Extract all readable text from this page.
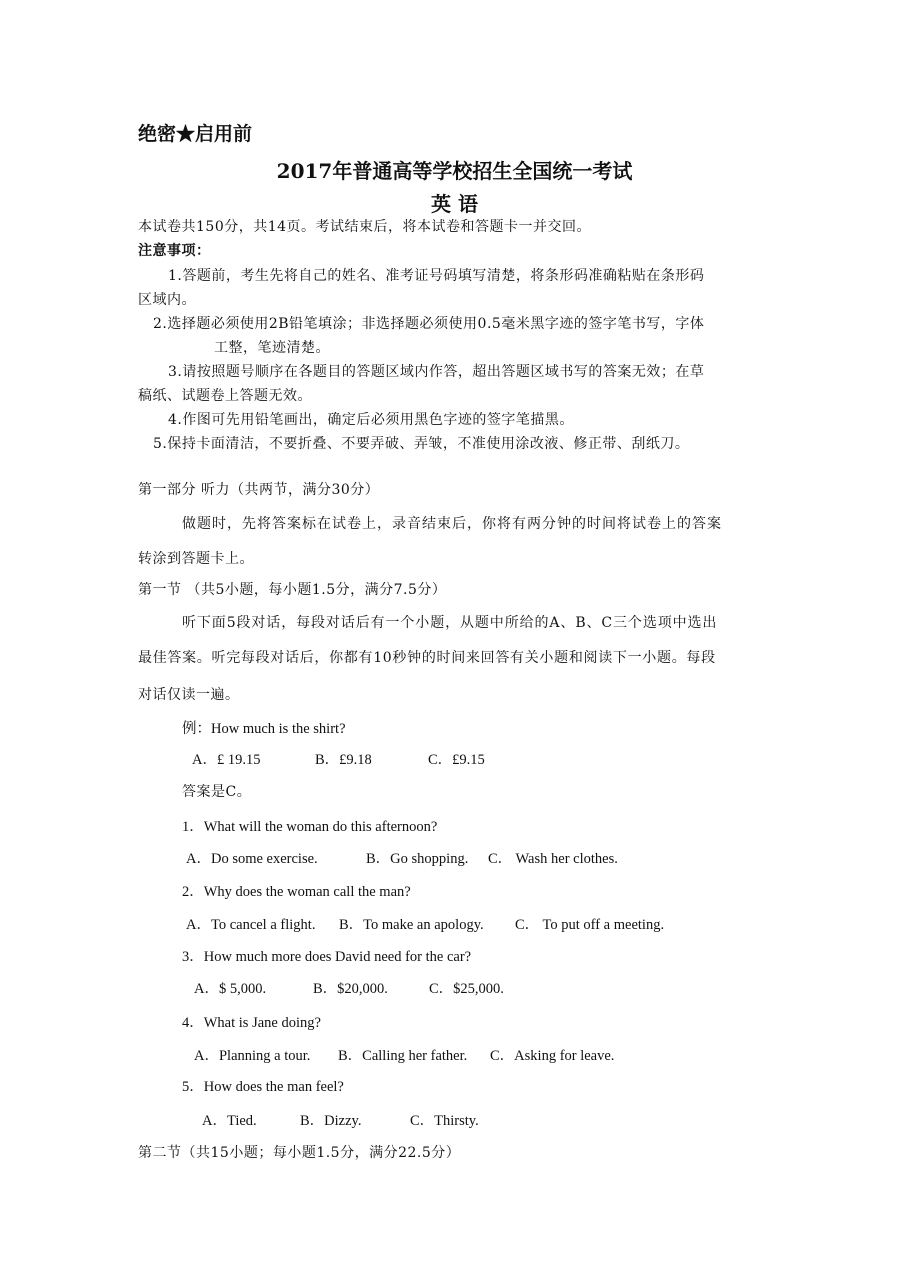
绝密★启用前
2017年普通高等学校招生全国统一考试
英 语
本试卷共150分，共14页。考试结束后，将本试卷和答题卡一并交回。
注意事项：
1.答题前，考生先将自己的姓名、准考证号码填写清楚，将条形码准确粘贴在条形码
区域内。
2.选择题必须使用2B铅笔填涂；非选择题必须使用0.5毫米黑字迹的签字笔书写，字体
工整，笔迹清楚。
3.请按照题号顺序在各题目的答题区域内作答，超出答题区域书写的答案无效；在草
稿纸、试题卷上答题无效。
4.作图可先用铅笔画出，确定后必须用黑色字迹的签字笔描黑。
5.保持卡面清洁，不要折叠、不要弄破、弄皱，不准使用涂改液、修正带、刮纸刀。
第一部分 听力（共两节，满分30分）
做题时，先将答案标在试卷上，录音结束后，你将有两分钟的时间将试卷上的答案
转涂到答题卡上。
第一节 （共5小题，每小题1.5分，满分7.5分）
听下面5段对话，每段对话后有一个小题，从题中所给的A、B、C三个选项中选出
最佳答案。听完每段对话后，你都有10秒钟的时间来回答有关小题和阅读下一小题。每段
对话仅读一遍。
例：How much is the shirt?
A．£ 19.15	B．£9.18	C．£9.15
答案是C。
1．What will the woman do this afternoon?
A．Do some exercise.	B．Go shopping. C． Wash her clothes.
2．Why does the woman call the man?
A．To cancel a flight. B．To make an apology. C． To put off a meeting.
3．How much more does David need for the car?
A．$ 5,000.	B．$20,000.	C．$25,000.
4．What is Jane doing?
A．Planning a tour. B．Calling her father. C．Asking for leave.
5．How does the man feel?
A．Tied.	B．Dizzy.	C．Thirsty.
第二节（共15小题；每小题1.5分，满分22.5分）
